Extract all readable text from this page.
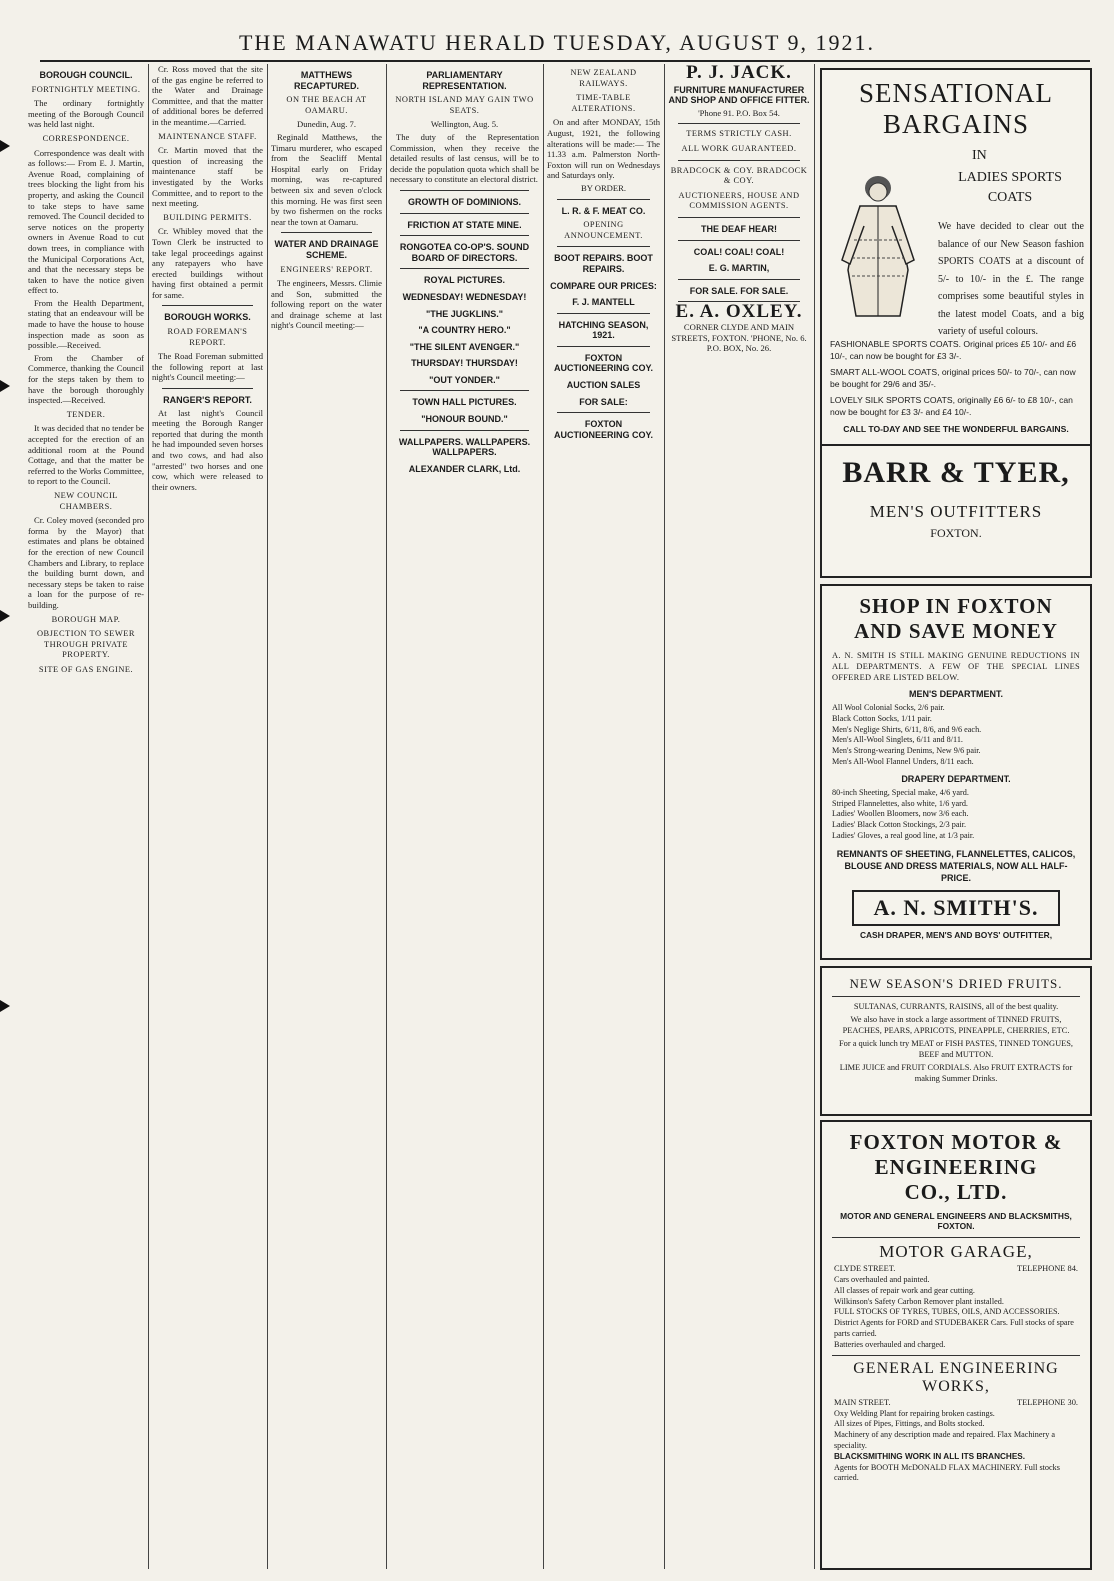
THE MANAWATU HERALD TUESDAY, AUGUST 9, 1921.

BOROUGH COUNCIL.

FORTNIGHTLY MEETING.

The ordinary fortnightly meeting of the Borough Council was held last night.

CORRESPONDENCE.

Correspondence was dealt with as follows:— From E. J. Martin, Avenue Road, complaining of trees blocking the light from his property, and asking the Council to take steps to have same removed. The Council decided to serve notices on the property owners in Avenue Road to cut down trees, in compliance with the Municipal Corporations Act, and that the necessary steps be taken to have the notice given effect to.

From the Health Department, stating that an endeavour will be made to have the house to house inspection made as soon as possible.—Received.

From the Chamber of Commerce, thanking the Council for the steps taken by them to have the borough thoroughly inspected.—Received.

TENDER.

It was decided that no tender be accepted for the erection of an additional room at the Pound Cottage, and that the matter be referred to the Works Committee, to report to the Council.

NEW COUNCIL CHAMBERS.

Cr. Coley moved (seconded pro forma by the Mayor) that estimates and plans be obtained for the erection of new Council Chambers and Library, to replace the building burnt down, and necessary steps be taken to raise a loan for the purpose of re-building.

BOROUGH MAP.

OBJECTION TO SEWER THROUGH PRIVATE PROPERTY.

SITE OF GAS ENGINE.

Cr. Ross moved that the site of the gas engine be referred to the Water and Drainage Committee, and that the matter of additional bores be deferred in the meantime.—Carried.

MAINTENANCE STAFF.

Cr. Martin moved that the question of increasing the maintenance staff be investigated by the Works Committee, and to report to the next meeting.

BUILDING PERMITS.

Cr. Whibley moved that the Town Clerk be instructed to take legal proceedings against any ratepayers who have erected buildings without having first obtained a permit for same.

BOROUGH WORKS.

ROAD FOREMAN'S REPORT.

The Road Foreman submitted the following report at last night's Council meeting:—

RANGER'S REPORT.

At last night's Council meeting the Borough Ranger reported that during the month he had impounded seven horses and two cows, and had also "arrested" two horses and one cow, which were released to their owners.

MATTHEWS RECAPTURED.

ON THE BEACH AT OAMARU.

Dunedin, Aug. 7.

Reginald Matthews, the Timaru murderer, who escaped from the Seacliff Mental Hospital early on Friday morning, was re-captured between six and seven o'clock this morning. He was first seen by two fishermen on the rocks near the town at Oamaru.

WATER AND DRAINAGE SCHEME.

ENGINEERS' REPORT.

The engineers, Messrs. Climie and Son, submitted the following report on the water and drainage scheme at last night's Council meeting:—

PARLIAMENTARY REPRESENTATION.

NORTH ISLAND MAY GAIN TWO SEATS.

Wellington, Aug. 5.

The duty of the Representation Commission, when they receive the detailed results of last census, will be to decide the population quota which shall be necessary to constitute an electoral district.

GROWTH OF DOMINIONS.

FRICTION AT STATE MINE.

RONGOTEA CO-OP'S. SOUND BOARD OF DIRECTORS.

ROYAL PICTURES.

WEDNESDAY! WEDNESDAY!

"THE JUGKLINS."

"A COUNTRY HERO."

"THE SILENT AVENGER."

THURSDAY! THURSDAY!

"OUT YONDER."

TOWN HALL PICTURES.

"HONOUR BOUND."

WALLPAPERS. WALLPAPERS. WALLPAPERS.

ALEXANDER CLARK, Ltd.

NEW ZEALAND RAILWAYS.

TIME-TABLE ALTERATIONS.

On and after MONDAY, 15th August, 1921, the following alterations will be made:— The 11.33 a.m. Palmerston North-Foxton will run on Wednesdays and Saturdays only.

BY ORDER.

L. R. & F. MEAT CO.

OPENING ANNOUNCEMENT.

BOOT REPAIRS. BOOT REPAIRS.

COMPARE OUR PRICES:

F. J. MANTELL

HATCHING SEASON, 1921.

FOXTON AUCTIONEERING COY.

AUCTION SALES

FOR SALE:

FOXTON AUCTIONEERING COY.

P. J. JACK.

FURNITURE MANUFACTURER AND SHOP AND OFFICE FITTER.

'Phone 91. P.O. Box 54.

TERMS STRICTLY CASH.

ALL WORK GUARANTEED.

BRADCOCK & COY. BRADCOCK & COY.

AUCTIONEERS, HOUSE AND COMMISSION AGENTS.

THE DEAF HEAR!

COAL! COAL! COAL!

E. G. MARTIN,

FOR SALE. FOR SALE.

E. A. OXLEY.

CORNER CLYDE AND MAIN STREETS, FOXTON. 'PHONE, No. 6. P.O. BOX, No. 26.

SENSATIONAL

BARGAINS

IN

LADIES SPORTS COATS

We have decided to clear out the balance of our New Season fashion SPORTS COATS at a discount of 5/- to 10/- in the £. The range comprises some beautiful styles in the latest model Coats, and a big variety of useful colours.

FASHIONABLE SPORTS COATS. Original prices £5 10/- and £6 10/-, can now be bought for £3 3/-.

SMART ALL-WOOL COATS, original prices 50/- to 70/-, can now be bought for 29/6 and 35/-.

LOVELY SILK SPORTS COATS, originally £6 6/- to £8 10/-, can now be bought for £3 3/- and £4 10/-.

CALL TO-DAY AND SEE THE WONDERFUL BARGAINS.

BARR & TYER,

MEN'S OUTFITTERS

FOXTON.

SHOP IN FOXTON

AND SAVE MONEY

A. N. SMITH IS STILL MAKING GENUINE REDUCTIONS IN ALL DEPARTMENTS. A FEW OF THE SPECIAL LINES OFFERED ARE LISTED BELOW.

MEN'S DEPARTMENT.

All Wool Colonial Socks, 2/6 pair.

Black Cotton Socks, 1/11 pair.

Men's Neglige Shirts, 6/11, 8/6, and 9/6 each.

Men's All-Wool Singlets, 6/11 and 8/11.

Men's Strong-wearing Denims, New 9/6 pair.

Men's All-Wool Flannel Unders, 8/11 each.

DRAPERY DEPARTMENT.

80-inch Sheeting, Special make, 4/6 yard.

Striped Flannelettes, also white, 1/6 yard.

Ladies' Woollen Bloomers, now 3/6 each.

Ladies' Black Cotton Stockings, 2/3 pair.

Ladies' Gloves, a real good line, at 1/3 pair.

REMNANTS OF SHEETING, FLANNELETTES, CALICOS, BLOUSE AND DRESS MATERIALS, NOW ALL HALF-PRICE.

A. N. SMITH'S.

CASH DRAPER, MEN'S AND BOYS' OUTFITTER,

NEW SEASON'S DRIED FRUITS.

SULTANAS, CURRANTS, RAISINS, all of the best quality.

We also have in stock a large assortment of TINNED FRUITS, PEACHES, PEARS, APRICOTS, PINEAPPLE, CHERRIES, ETC.

For a quick lunch try MEAT or FISH PASTES, TINNED TONGUES, BEEF and MUTTON.

LIME JUICE and FRUIT CORDIALS. Also FRUIT EXTRACTS for making Summer Drinks.

FOXTON MOTOR &

ENGINEERING

CO., LTD.

MOTOR AND GENERAL ENGINEERS AND BLACKSMITHS, FOXTON.

MOTOR GARAGE,

CLYDE STREET.	TELEPHONE 84.

Cars overhauled and painted.

All classes of repair work and gear cutting.

Wilkinson's Safety Carbon Remover plant installed.

FULL STOCKS OF TYRES, TUBES, OILS, AND ACCESSORIES.

District Agents for FORD and STUDEBAKER Cars. Full stocks of spare parts carried.

Batteries overhauled and charged.

GENERAL ENGINEERING

WORKS,

MAIN STREET.	TELEPHONE 30.

Oxy Welding Plant for repairing broken castings.

All sizes of Pipes, Fittings, and Bolts stocked.

Machinery of any description made and repaired. Flax Machinery a speciality.

BLACKSMITHING WORK IN ALL ITS BRANCHES.

Agents for BOOTH McDONALD FLAX MACHINERY. Full stocks carried.
